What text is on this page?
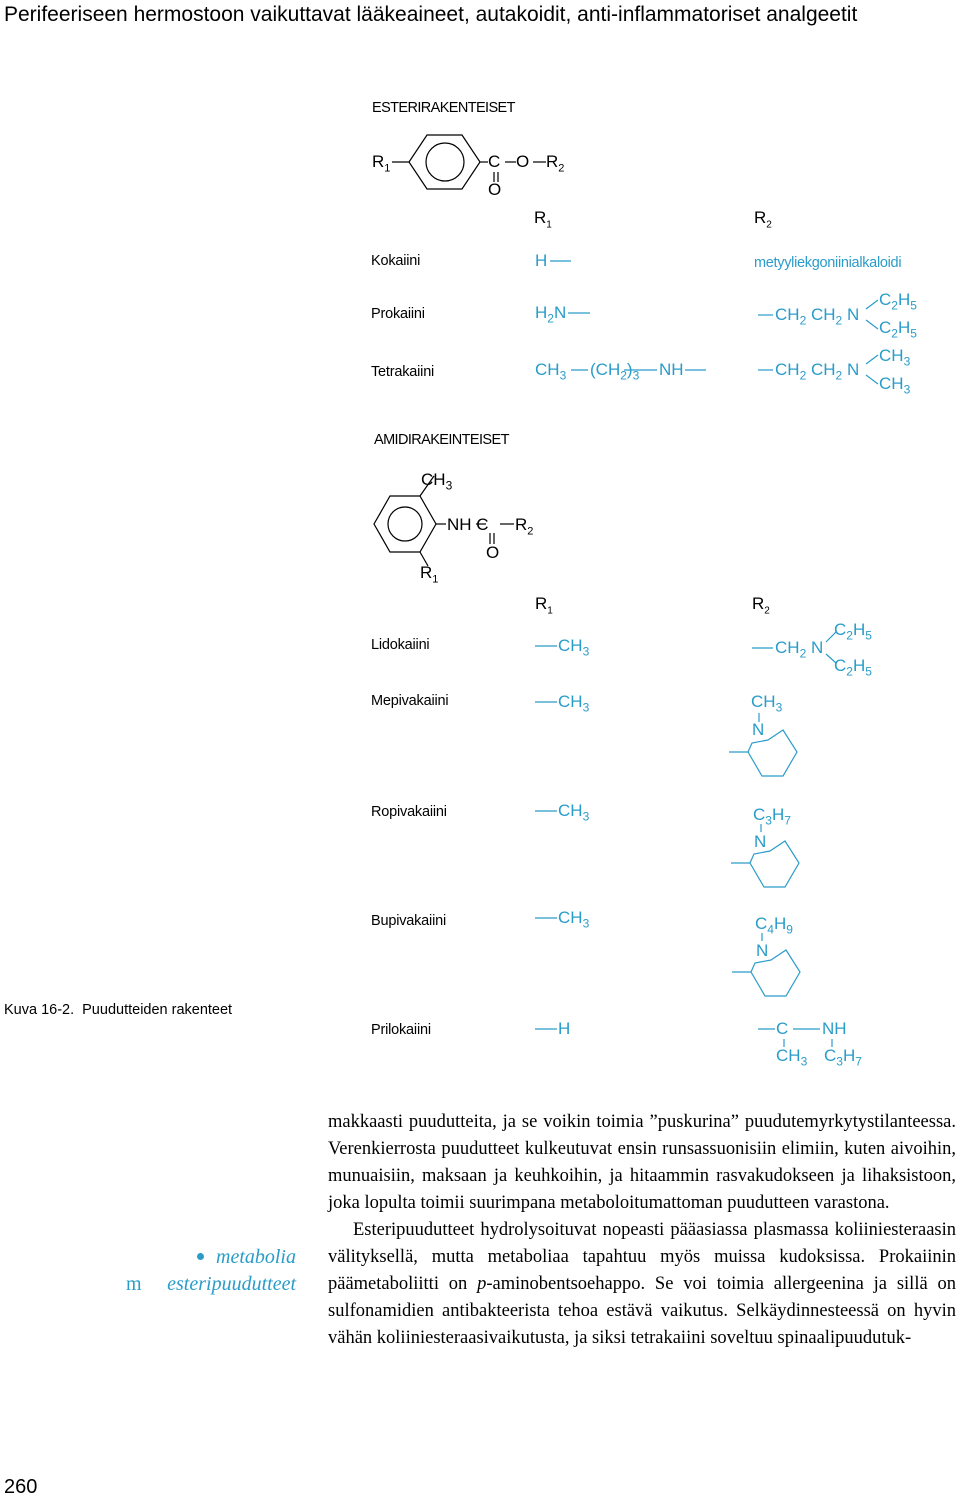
Perifeeriseen hermostoon vaikuttavat lääkeaineet, autakoidit, anti-inflammatoriset analgeetit
ESTERIRAKENTEISET
$R_1$	C O $R_2$
O
$R_1$	$R_2$
Kokaiini	H	metyyliekgoniinialkaloidi
Prokaiini	$H_2N$	$CH_2$ $CH_2$ N
$C_2H_5$
$C_2H_5$
Tetrakaiini	$CH_3$ $(CH_2)_3$ NH	$CH_2$ $CH_2$ N
$CH_3$
$CH_3$
AMIDIRAKEINTEISET
$CH_3$
NH C $R_2$
O
$R_1$
$R_1$	$R_2$
Lidokaiini	$CH_3$	$CH_2$ N
$C_2H_5$
$C_2H_5$
Mepivakaiini	$CH_3$	$CH_3$
N
Ropivakaiini	$CH_3$	$C_3H_7$
N
Bupivakaiini	$CH_3$	$C_4H_9$
N
Kuva 16-2. Puudutteiden rakenteet
Prilokaiini	H	C NH
$CH_3$ $C_3H_7$
metabolia
esteripuudutteet
m

makkaasti puudutteita, ja se voikin toimia ”puskurina” puudutemyrkytystilanteessa. Verenkierrosta puudutteet kulkeutuvat ensin runsassuonisiin elimiin, kuten aivoihin, munuaisiin, maksaan ja keuhkoihin, ja hitaammin rasvakudokseen ja lihaksistoon, joka lopulta toimii suurimpana metaboloitumattoman puudutteen varastona.

Esteripuudutteet hydrolysoituvat nopeasti pääasiassa plasmassa koliiniesteraasin välityksellä, mutta metaboliaa tapahtuu myös muissa kudoksissa. Prokaiinin päämetaboliitti on p-aminobentsoehappo. Se voi toimia allergeenina ja sillä on sulfonamidien antibakteerista tehoa estävä vaikutus. Selkäydinnesteessä on hyvin vähän koliiniesteraasivaikutusta, ja siksi tetrakaiini soveltuu spinaalipuudutuk-

260
